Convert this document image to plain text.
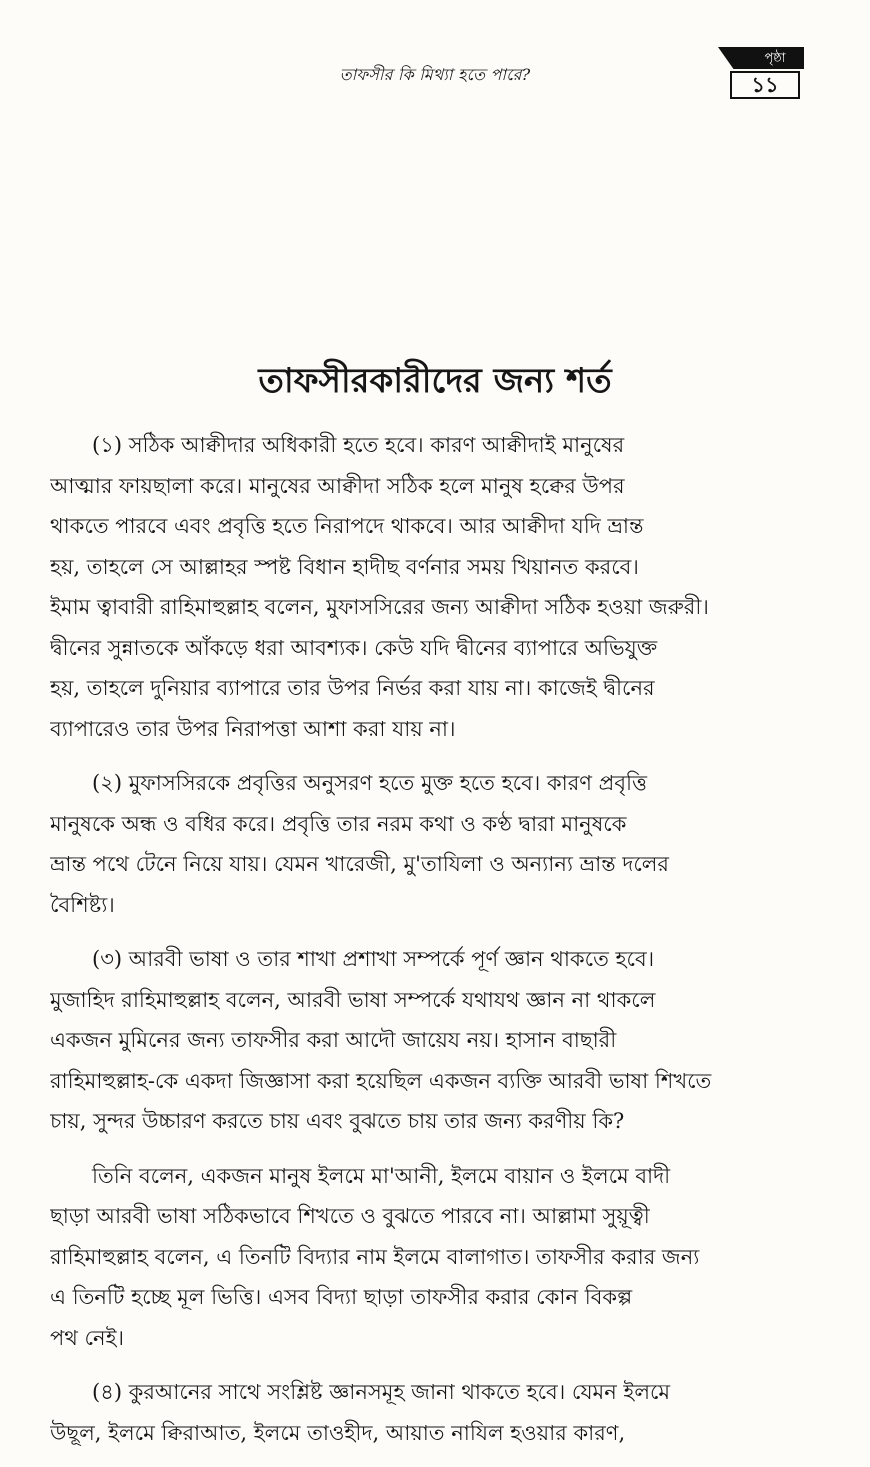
তাফসীর কি মিথ্যা হতে পারে?
পৃষ্ঠা
১১
তাফসীরকারীদের জন্য শর্ত

(১) সঠিক আক্বীদার অধিকারী হতে হবে। কারণ আক্বীদাই মানুষের
আত্মার ফায়ছালা করে। মানুষের আক্বীদা সঠিক হলে মানুষ হক্বের উপর
থাকতে পারবে এবং প্রবৃত্তি হতে নিরাপদে থাকবে। আর আক্বীদা যদি ভ্রান্ত
হয়, তাহলে সে আল্লাহর স্পষ্ট বিধান হাদীছ বর্ণনার সময় খিয়ানত করবে।
ইমাম ত্বাবারী রাহিমাহুল্লাহ বলেন, মুফাসসিরের জন্য আক্বীদা সঠিক হওয়া জরুরী।
দ্বীনের সুন্নাতকে আঁকড়ে ধরা আবশ্যক। কেউ যদি দ্বীনের ব্যাপারে অভিযুক্ত
হয়, তাহলে দুনিয়ার ব্যাপারে তার উপর নির্ভর করা যায় না। কাজেই দ্বীনের
ব্যাপারেও তার উপর নিরাপত্তা আশা করা যায় না।

(২) মুফাসসিরকে প্রবৃত্তির অনুসরণ হতে মুক্ত হতে হবে। কারণ প্রবৃত্তি
মানুষকে অন্ধ ও বধির করে। প্রবৃত্তি তার নরম কথা ও কণ্ঠ দ্বারা মানুষকে
ভ্রান্ত পথে টেনে নিয়ে যায়। যেমন খারেজী, মু'তাযিলা ও অন্যান্য ভ্রান্ত দলের
বৈশিষ্ট্য।

(৩) আরবী ভাষা ও তার শাখা প্রশাখা সম্পর্কে পূর্ণ জ্ঞান থাকতে হবে।
মুজাহিদ রাহিমাহুল্লাহ বলেন, আরবী ভাষা সম্পর্কে যথাযথ জ্ঞান না থাকলে
একজন মুমিনের জন্য তাফসীর করা আদৌ জায়েয নয়। হাসান বাছারী
রাহিমাহুল্লাহ-কে একদা জিজ্ঞাসা করা হয়েছিল একজন ব্যক্তি আরবী ভাষা শিখতে
চায়, সুন্দর উচ্চারণ করতে চায় এবং বুঝতে চায় তার জন্য করণীয় কি?

তিনি বলেন, একজন মানুষ ইলমে মা'আনী, ইলমে বায়ান ও ইলমে বাদী
ছাড়া আরবী ভাষা সঠিকভাবে শিখতে ও বুঝতে পারবে না। আল্লামা সুয়ূত্বী
রাহিমাহুল্লাহ বলেন, এ তিনটি বিদ্যার নাম ইলমে বালাগাত। তাফসীর করার জন্য
এ তিনটি হচ্ছে মূল ভিত্তি। এসব বিদ্যা ছাড়া তাফসীর করার কোন বিকল্প
পথ নেই।

(৪) কুরআনের সাথে সংশ্লিষ্ট জ্ঞানসমূহ জানা থাকতে হবে। যেমন ইলমে
উছূল, ইলমে ক্বিরাআত, ইলমে তাওহীদ, আয়াত নাযিল হওয়ার কারণ,
